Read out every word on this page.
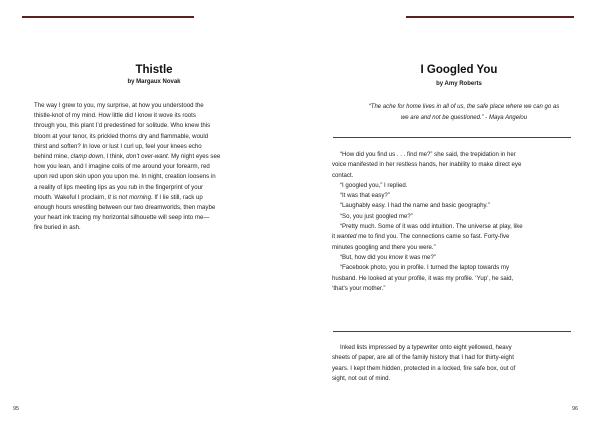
Thistle
by Margaux Novak
The way I grew to you, my surprise, at how you understood the
thistle-knot of my mind. How little did I know it wove its roots
through you, this plant I’d predestined for solitude. Who knew this
bloom at your tenor, its prickled thorns dry and flammable, would
thirst and soften? In love or lust I curl up, feel your knees echo
behind mine, clamp down, I think, don’t over-want. My night eyes see
how you lean, and I imagine coils of me around your forearm, red
upon red upon skin upon you upon me. In night, creation loosens in
a reality of lips meeting lips as you rub in the fingerprint of your
mouth. Wakeful I proclaim, It is not morning. If I lie still, rack up
enough hours wrestling between our two dreamworlds, then maybe
your heart ink tracing my horizontal silhouette will seep into me—
fire buried in ash.
95
I Googled You
by Amy Roberts
“The ache for home lives in all of us, the safe place where we can go as
we are and not be questioned.” - Maya Angelou
“How did you find us . . . find me?” she said, the trepidation in her
voice manifested in her restless hands, her inability to make direct eye
contact.
“I googled you,” I replied.
“It was that easy?”
“Laughably easy. I had the name and basic geography.”
“So, you just googled me?”
“Pretty much. Some of it was odd intuition. The universe at play, like
it wanted me to find you. The connections came so fast. Forty-five
minutes googling and there you were.”
“But, how did you know it was me?”
“Facebook photo, you in profile. I turned the laptop towards my
husband. He looked at your profile, it was my profile. ‘Yup’, he said,
‘that’s your mother.”
Inked lists impressed by a typewriter onto eight yellowed, heavy
sheets of paper, are all of the family history that I had for thirty-eight
years. I kept them hidden, protected in a locked, fire safe box, out of
sight, not out of mind.
96
